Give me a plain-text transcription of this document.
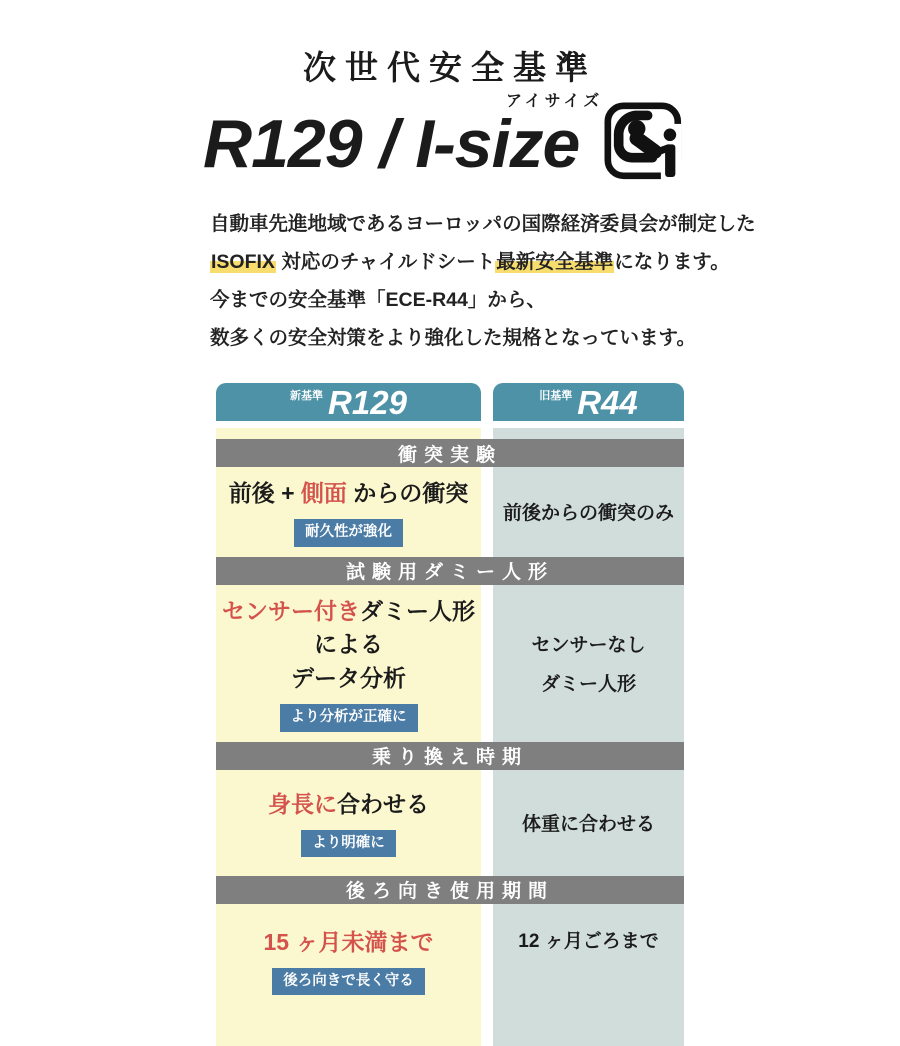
次世代安全基準
R129 / I-size
アイサイズ
自動車先進地域であるヨーロッパの国際経済委員会が制定した
ISOFIX 対応のチャイルドシート最新安全基準になります。
今までの安全基準「ECE-R44」から、
数多くの安全対策をより強化した規格となっています。
新基準 R129	旧基準 R44
衝突実験
前後 + 側面 からの衝突
耐久性が強化
前後からの衝突のみ
試験用ダミー人形
センサー付きダミー人形による
データ分析
より分析が正確に
センサーなし
ダミー人形
乗り換え時期
身長に合わせる
より明確に
体重に合わせる
後ろ向き使用期間
15 ヶ月未満まで
後ろ向きで長く守る
12 ヶ月ごろまで
